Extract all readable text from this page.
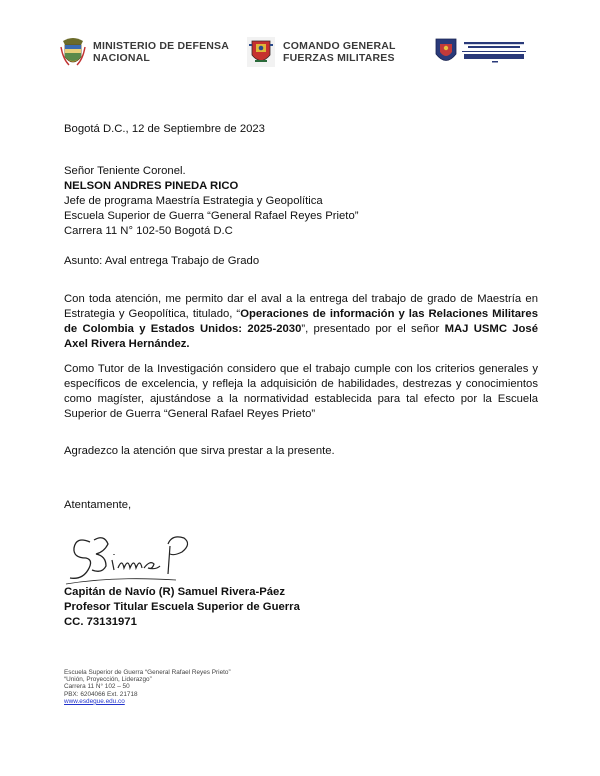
MINISTERIO DE DEFENSA
NACIONAL
COMANDO GENERAL
FUERZAS MILITARES
Bogotá D.C., 12 de Septiembre de 2023
Señor Teniente Coronel.
NELSON ANDRES PINEDA RICO
Jefe de programa Maestría Estrategia y Geopolítica
Escuela Superior de Guerra “General Rafael Reyes Prieto”
Carrera 11 N° 102-50 Bogotá D.C
Asunto: Aval entrega Trabajo de Grado
Con toda atención, me permito dar el aval a la entrega del trabajo de grado de Maestría en Estrategia y Geopolítica, titulado, “Operaciones de información y las Relaciones Militares de Colombia y Estados Unidos: 2025-2030”, presentado por el señor MAJ USMC José Axel Rivera Hernández.
Como Tutor de la Investigación considero que el trabajo cumple con los criterios generales y específicos de excelencia, y refleja la adquisición de habilidades, destrezas y conocimientos como magíster, ajustándose a la normatividad establecida para tal efecto por la Escuela Superior de Guerra “General Rafael Reyes Prieto”
Agradezco la atención que sirva prestar a la presente.
Atentamente,
Capitán de Navío (R) Samuel Rivera-Páez
Profesor Titular Escuela Superior de Guerra
CC. 73131971
Escuela Superior de Guerra “General Rafael Reyes Prieto”
“Unión, Proyección, Liderazgo”
Carrera 11 N° 102 – 50
PBX: 6204066 Ext. 21718
www.esdegue.edu.co
